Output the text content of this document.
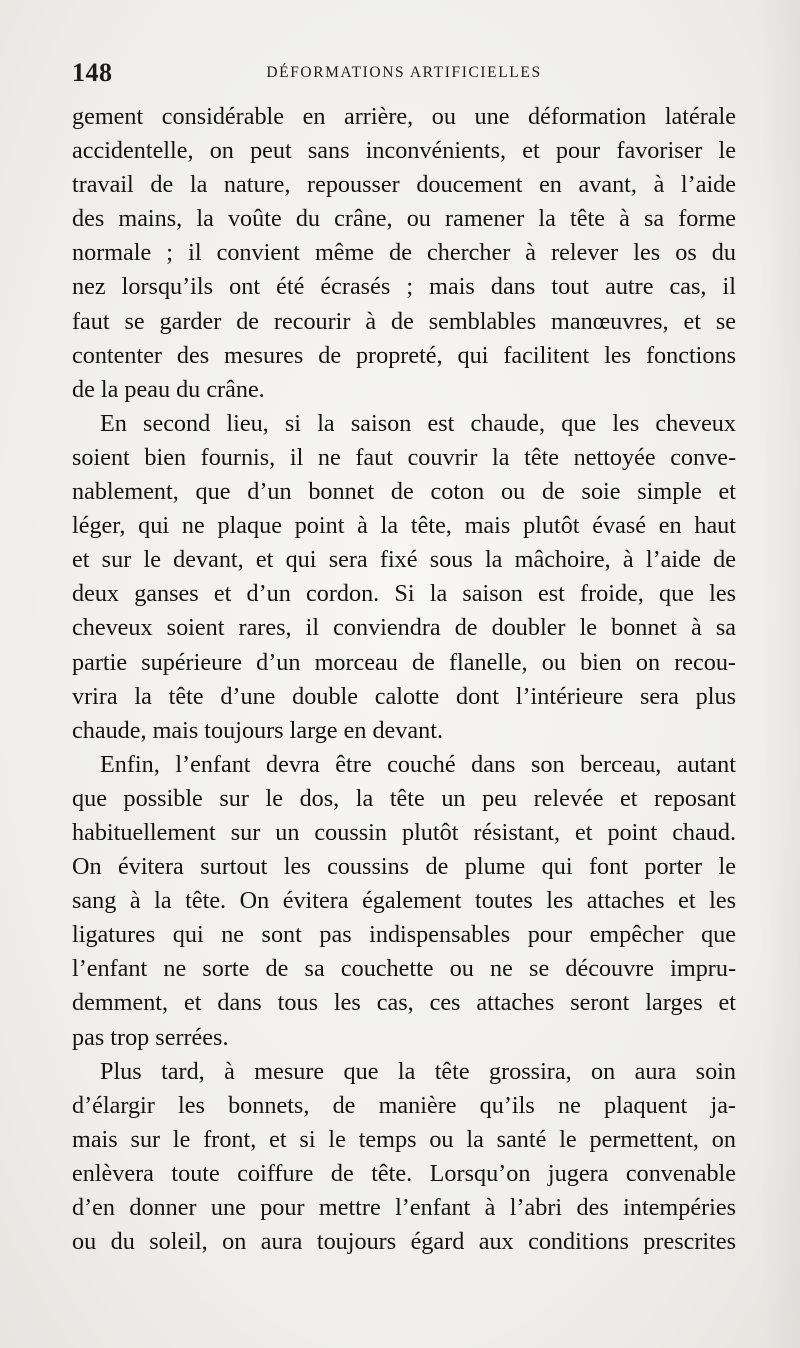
148	DÉFORMATIONS ARTIFICIELLES
gement considérable en arrière, ou une déformation latérale
accidentelle, on peut sans inconvénients, et pour favoriser le
travail de la nature, repousser doucement en avant, à l’aide
des mains, la voûte du crâne, ou ramener la tête à sa forme
normale ; il convient même de chercher à relever les os du
nez lorsqu’ils ont été écrasés ; mais dans tout autre cas, il
faut se garder de recourir à de semblables manœuvres, et se
contenter des mesures de propreté, qui facilitent les fonctions
de la peau du crâne.
En second lieu, si la saison est chaude, que les cheveux
soient bien fournis, il ne faut couvrir la tête nettoyée conve-
nablement, que d’un bonnet de coton ou de soie simple et
léger, qui ne plaque point à la tête, mais plutôt évasé en haut
et sur le devant, et qui sera fixé sous la mâchoire, à l’aide de
deux ganses et d’un cordon. Si la saison est froide, que les
cheveux soient rares, il conviendra de doubler le bonnet à sa
partie supérieure d’un morceau de flanelle, ou bien on recou-
vrira la tête d’une double calotte dont l’intérieure sera plus
chaude, mais toujours large en devant.
Enfin, l’enfant devra être couché dans son berceau, autant
que possible sur le dos, la tête un peu relevée et reposant
habituellement sur un coussin plutôt résistant, et point chaud.
On évitera surtout les coussins de plume qui font porter le
sang à la tête. On évitera également toutes les attaches et les
ligatures qui ne sont pas indispensables pour empêcher que
l’enfant ne sorte de sa couchette ou ne se découvre impru-
demment, et dans tous les cas, ces attaches seront larges et
pas trop serrées.
Plus tard, à mesure que la tête grossira, on aura soin
d’élargir les bonnets, de manière qu’ils ne plaquent ja-
mais sur le front, et si le temps ou la santé le permettent, on
enlèvera toute coiffure de tête. Lorsqu’on jugera convenable
d’en donner une pour mettre l’enfant à l’abri des intempéries
ou du soleil, on aura toujours égard aux conditions prescrites
